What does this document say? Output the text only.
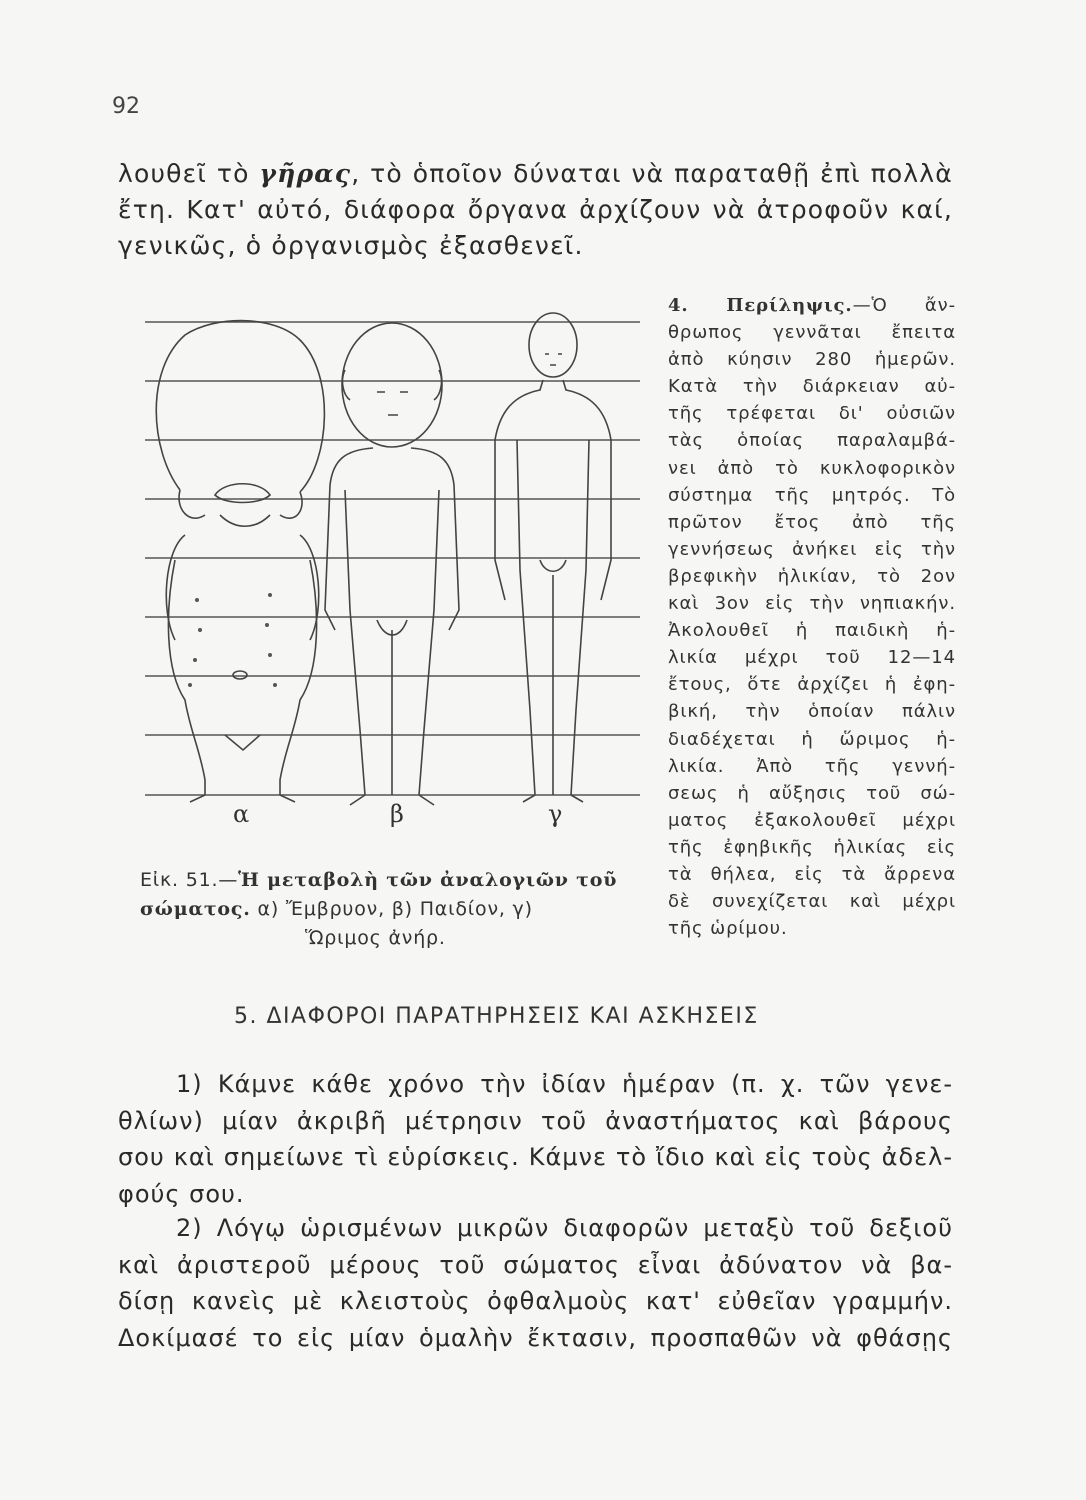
92
λουθεῖ τὸ γῆρας, τὸ ὁποῖον δύναται νὰ παραταθῇ ἐπὶ πολλὰ
ἔτη. Κατ' αὐτό, διάφορα ὄργανα ἀρχίζουν νὰ ἀτροφοῦν καί,
γενικῶς, ὁ ὀργανισμὸς ἐξασθενεῖ.
α	β	γ
Εἰκ. 51.—Ἡ μεταβολὴ τῶν ἀναλογιῶν τοῦ
σώματος. α) Ἔμβρυον, β) Παιδίον, γ)
Ὥριμος ἀνήρ.
4. Περίληψις.—Ὁ ἄν-
θρωπος γεννᾶται ἔπειτα
ἀπὸ κύησιν 280 ἡμερῶν.
Κατὰ τὴν διάρκειαν αὐ-
τῆς τρέφεται δι' οὐσιῶν
τὰς ὁποίας παραλαμβά-
νει ἀπὸ τὸ κυκλοφορικὸν
σύστημα τῆς μητρός. Τὸ
πρῶτον ἔτος ἀπὸ τῆς
γεννήσεως ἀνήκει εἰς τὴν
βρεφικὴν ἡλικίαν, τὸ 2ον
καὶ 3ον εἰς τὴν νηπιακήν.
Ἀκολουθεῖ ἡ παιδικὴ ἡ-
λικία μέχρι τοῦ 12—14
ἔτους, ὅτε ἀρχίζει ἡ ἐφη-
βική, τὴν ὁποίαν πάλιν
διαδέχεται ἡ ὥριμος ἡ-
λικία. Ἀπὸ τῆς γεννή-
σεως ἡ αὔξησις τοῦ σώ-
ματος ἐξακολουθεῖ μέχρι
τῆς ἐφηβικῆς ἡλικίας εἰς
τὰ θήλεα, εἰς τὰ ἄρρενα
δὲ συνεχίζεται καὶ μέχρι
τῆς ὡρίμου.
5. ΔΙΑΦΟΡΟΙ ΠΑΡΑΤΗΡΗΣΕΙΣ ΚΑΙ ΑΣΚΗΣΕΙΣ
1) Κάμνε κάθε χρόνο τὴν ἰδίαν ἡμέραν (π. χ. τῶν γενε-
θλίων) μίαν ἀκριβῆ μέτρησιν τοῦ ἀναστήματος καὶ βάρους
σου καὶ σημείωνε τὶ εὑρίσκεις. Κάμνε τὸ ἴδιο καὶ εἰς τοὺς ἀδελ-
φούς σου.
2) Λόγῳ ὡρισμένων μικρῶν διαφορῶν μεταξὺ τοῦ δεξιοῦ
καὶ ἀριστεροῦ μέρους τοῦ σώματος εἶναι ἀδύνατον νὰ βα-
δίσῃ κανεὶς μὲ κλειστοὺς ὀφθαλμοὺς κατ' εὐθεῖαν γραμμήν.
Δοκίμασέ το εἰς μίαν ὁμαλὴν ἔκτασιν, προσπαθῶν νὰ φθάσῃς
